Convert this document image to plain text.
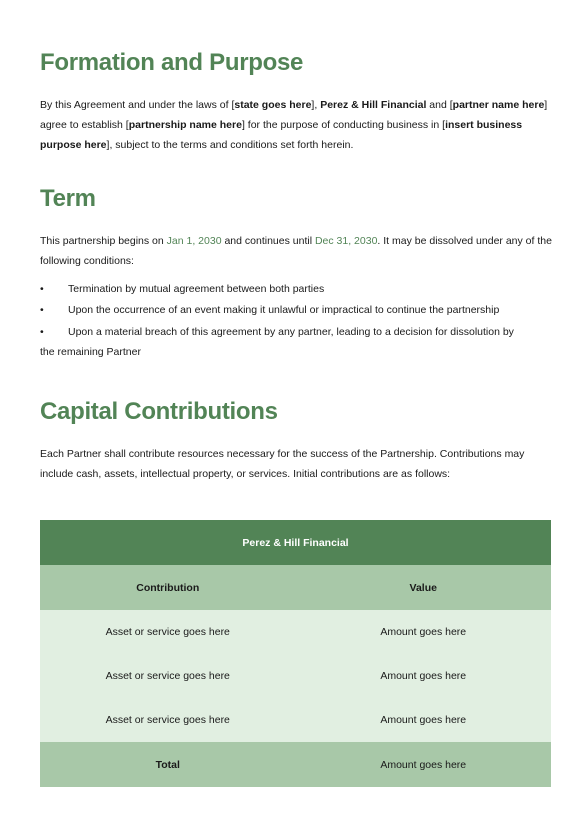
Formation and Purpose

By this Agreement and under the laws of [state goes here], Perez & Hill Financial and [partner name here] agree to establish [partnership name here] for the purpose of conducting business in [insert business purpose here], subject to the terms and conditions set forth herein.

Term

This partnership begins on Jan 1, 2030 and continues until Dec 31, 2030. It may be dissolved under any of the following conditions:

•	Termination by mutual agreement between both parties
•	Upon the occurrence of an event making it unlawful or impractical to continue the partnership
•	Upon a material breach of this agreement by any partner, leading to a decision for dissolution by

the remaining Partner

Capital Contributions

Each Partner shall contribute resources necessary for the success of the Partnership. Contributions may include cash, assets, intellectual property, or services. Initial contributions are as follows:

Perez & Hill Financial	
Contribution	Value
Asset or service goes here	Amount goes here
Asset or service goes here	Amount goes here
Asset or service goes here	Amount goes here
Total	Amount goes here
